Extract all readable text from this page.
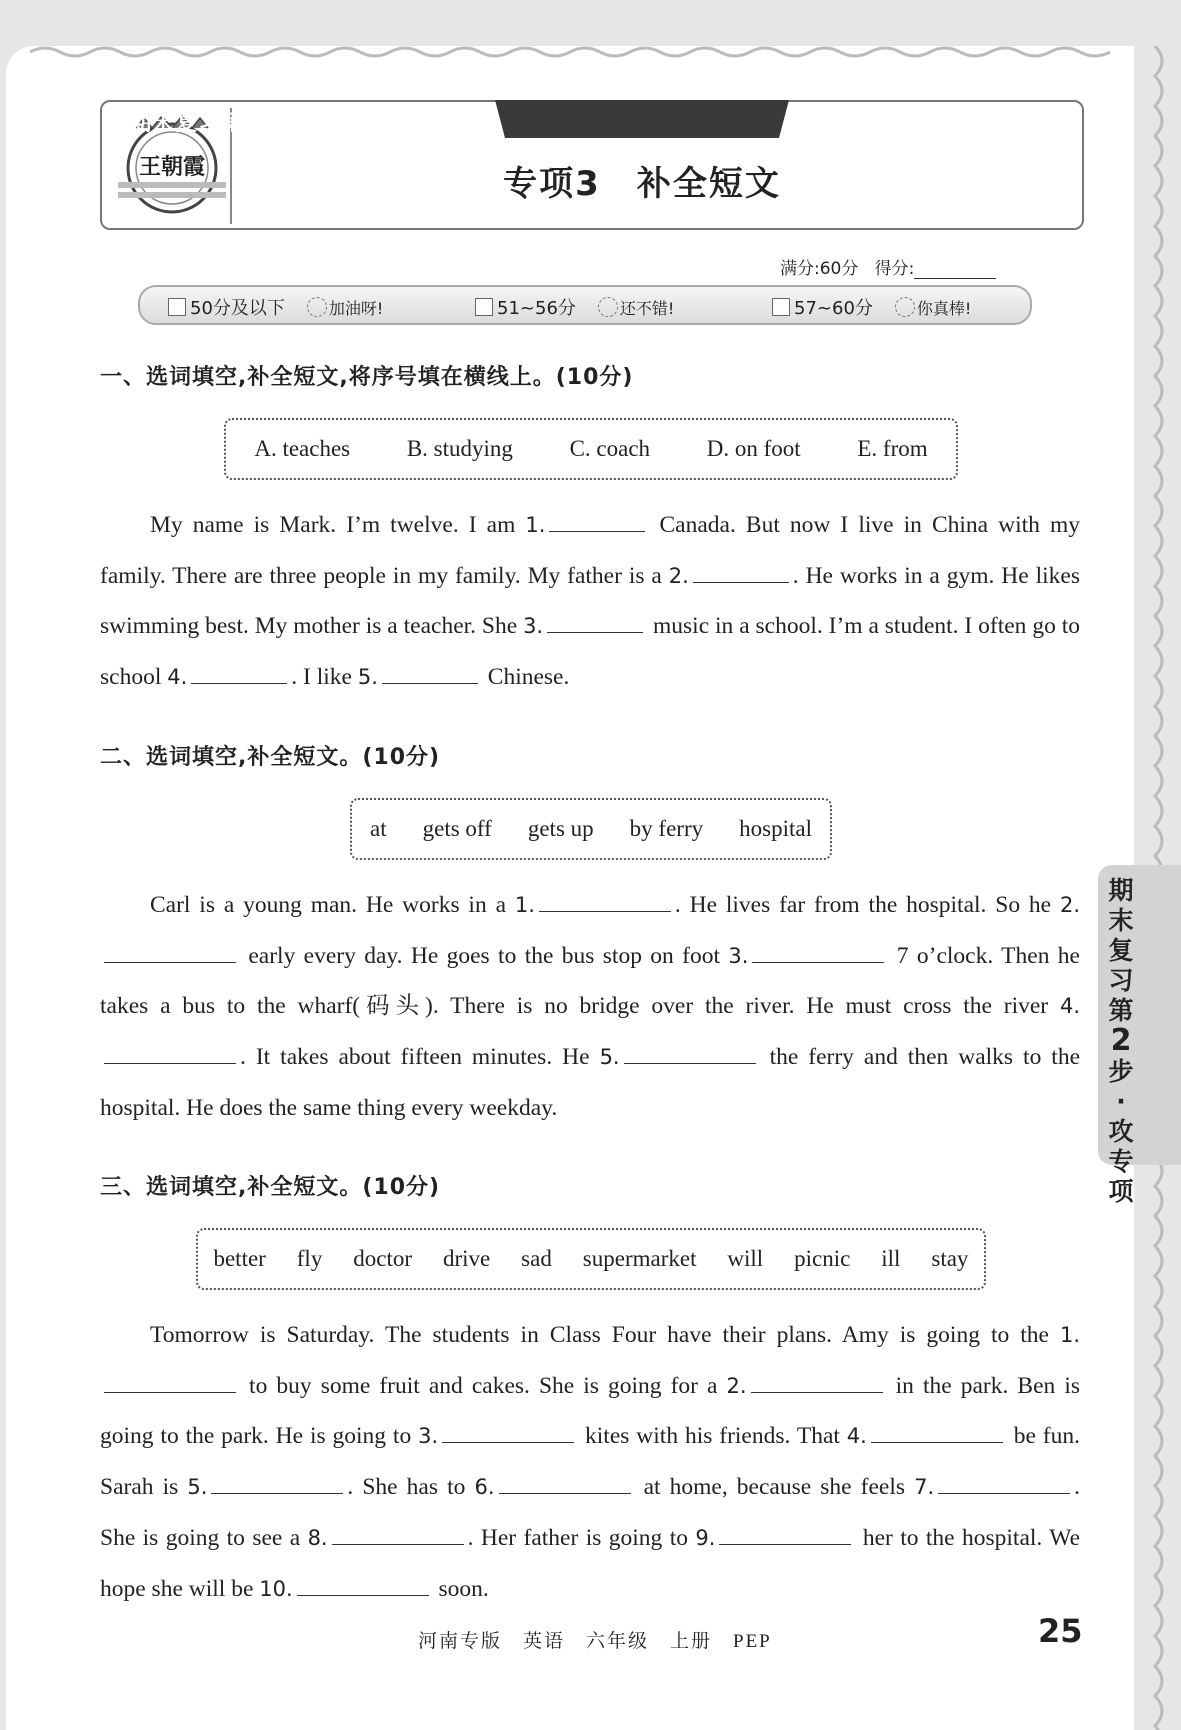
王朝霞
期末复习第2步 · 攻专项
专项3　补全短文
满分:60分 得分:
50分及以下	加油呀!	51~56分	还不错!	57~60分	你真棒!
一、选词填空,补全短文,将序号填在横线上。(10分)
A. teaches B. studying C. coach D. on foot E. from
My name is Mark. I’m twelve. I am 1.	Canada. But now I live in China with my family. There are three people in my family. My father is a 2.	. He works in a gym. He likes swimming best. My mother is a teacher. She 3.	music in a school. I’m a student. I often go to school 4.	. I like 5.	Chinese.
二、选词填空,补全短文。(10分)
at gets off gets up by ferry hospital
Carl is a young man. He works in a 1.	. He lives far from the hospital. So he 2. early every day. He goes to the bus stop on foot 3.	7 o’clock. Then he takes a bus to the wharf(码头). There is no bridge over the river. He must cross the river 4.. It takes about fifteen minutes. He 5.	the ferry and then walks to the hospital. He does the same thing every weekday.
三、选词填空,补全短文。(10分)
better fly doctor drive sad supermarket will picnic ill stay
Tomorrow is Saturday. The students in Class Four have their plans. Amy is going to the 1. to buy some fruit and cakes. She is going for a 2.	in the park. Ben is going to the park. He is going to 3.	kites with his friends. That 4.	be fun. Sarah is 5.	. She has to 6.	at home, because she feels 7.	. She is going to see a 8.	. Her father is going to 9.	her to the hospital. We hope she will be 10.	soon.
期末复习第2步·攻专项
河南专版　英语　六年级　上册　PEP	25
